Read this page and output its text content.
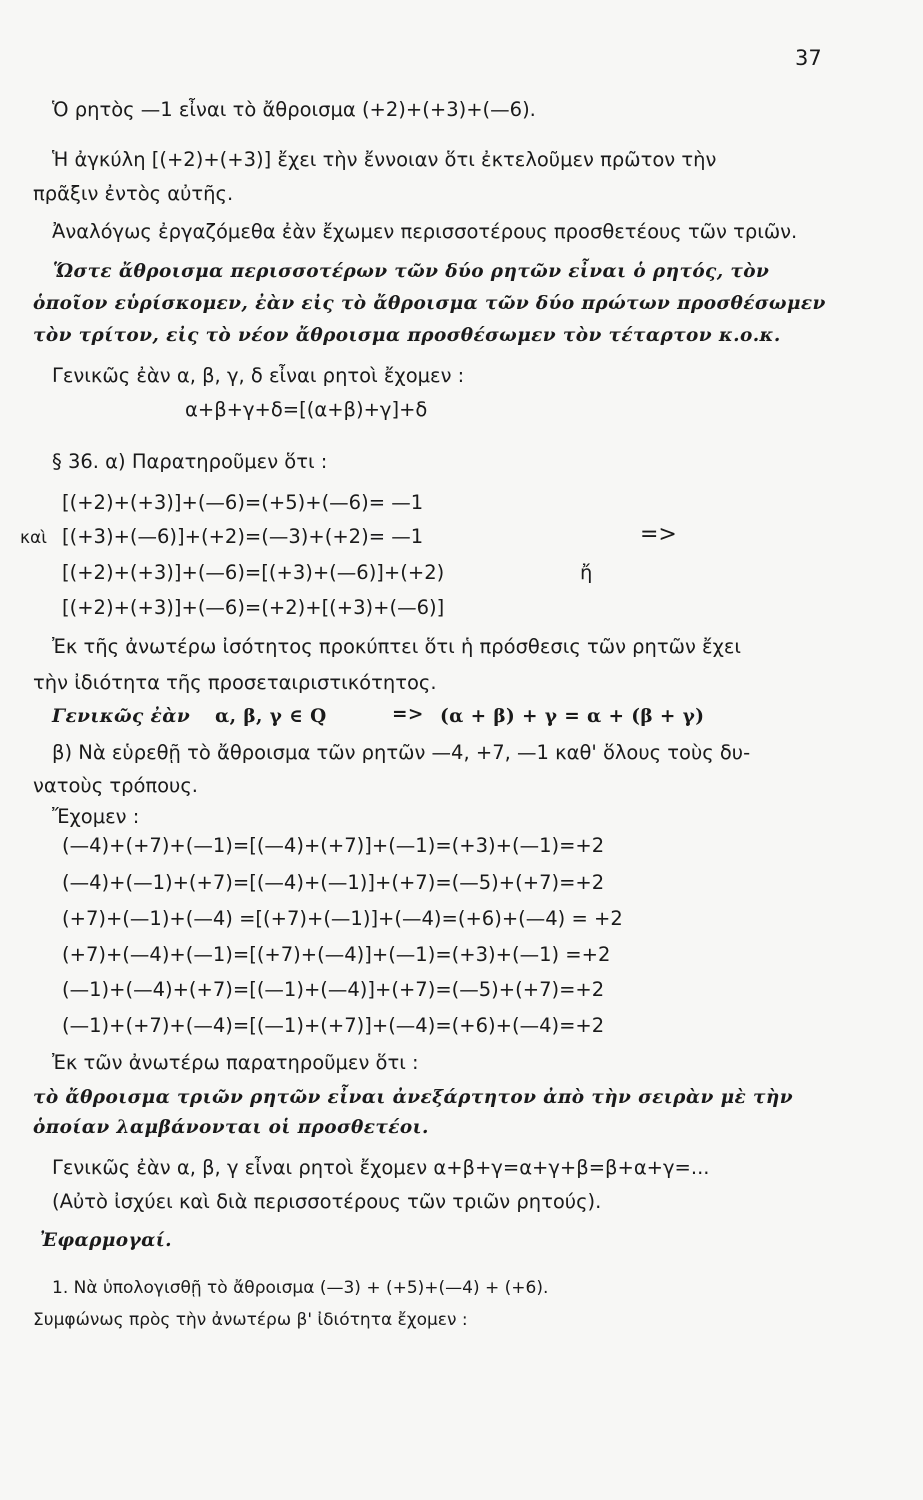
37
Ὁ ρητὸς —1 εἶναι τὸ ἄθροισμα (+2)+(+3)+(—6).
Ἡ ἀγκύλη [(+2)+(+3)] ἔχει τὴν ἔννοιαν ὅτι ἐκτελοῦμεν πρῶτον τὴν
πρᾶξιν ἐντὸς αὐτῆς.
Ἀναλόγως ἐργαζόμεθα ἐὰν ἔχωμεν περισσοτέρους προσθετέους τῶν τριῶν.
Ὥστε ἄθροισμα περισσοτέρων τῶν δύο ρητῶν εἶναι ὁ ρητός, τὸν
ὁποῖον εὑρίσκομεν, ἐὰν εἰς τὸ ἄθροισμα τῶν δύο πρώτων προσθέσωμεν
τὸν τρίτον, εἰς τὸ νέον ἄθροισμα προσθέσωμεν τὸν τέταρτον κ.ο.κ.
Γενικῶς ἐὰν α, β, γ, δ εἶναι ρητοὶ ἔχομεν :
α+β+γ+δ=[(α+β)+γ]+δ
§ 36. α) Παρατηροῦμεν ὅτι :
[(+2)+(+3)]+(—6)=(+5)+(—6)= —1
καὶ [(+3)+(—6)]+(+2)=(—3)+(+2)= —1	=>
[(+2)+(+3)]+(—6)=[(+3)+(—6)]+(+2)	ἤ
[(+2)+(+3)]+(—6)=(+2)+[(+3)+(—6)]
Ἐκ τῆς ἀνωτέρω ἰσότητος προκύπτει ὅτι ἡ πρόσθεσις τῶν ρητῶν ἔχει
τὴν ἰδιότητα τῆς προσεταιριστικότητος.
Γενικῶς ἐὰν α, β, γ ∈ Q	=> (α + β) + γ = α + (β + γ)
β) Νὰ εὑρεθῇ τὸ ἄθροισμα τῶν ρητῶν —4, +7, —1 καθ' ὅλους τοὺς δυ-
νατοὺς τρόπους.
Ἔχομεν :
(—4)+(+7)+(—1)=[(—4)+(+7)]+(—1)=(+3)+(—1)=+2
(—4)+(—1)+(+7)=[(—4)+(—1)]+(+7)=(—5)+(+7)=+2
(+7)+(—1)+(—4) =[(+7)+(—1)]+(—4)=(+6)+(—4) = +2
(+7)+(—4)+(—1)=[(+7)+(—4)]+(—1)=(+3)+(—1) =+2
(—1)+(—4)+(+7)=[(—1)+(—4)]+(+7)=(—5)+(+7)=+2
(—1)+(+7)+(—4)=[(—1)+(+7)]+(—4)=(+6)+(—4)=+2
Ἐκ τῶν ἀνωτέρω παρατηροῦμεν ὅτι :
τὸ ἄθροισμα τριῶν ρητῶν εἶναι ἀνεξάρτητον ἀπὸ τὴν σειρὰν μὲ τὴν
ὁποίαν λαμβάνονται οἱ προσθετέοι.
Γενικῶς ἐὰν α, β, γ εἶναι ρητοὶ ἔχομεν α+β+γ=α+γ+β=β+α+γ=...
(Αὐτὸ ἰσχύει καὶ διὰ περισσοτέρους τῶν τριῶν ρητούς).
Ἐφαρμογαί.
1. Νὰ ὑπολογισθῇ τὸ ἄθροισμα (—3) + (+5)+(—4) + (+6).
Συμφώνως πρὸς τὴν ἀνωτέρω β' ἰδιότητα ἔχομεν :
